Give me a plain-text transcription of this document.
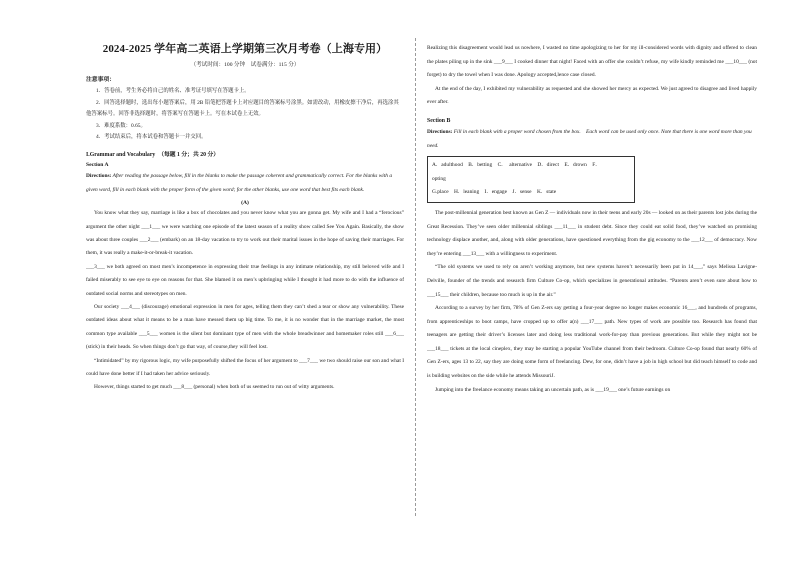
2024-2025 学年高二英语上学期第三次月考卷（上海专用）

（考试时间：100 分钟　试卷满分：115 分）

注意事项：

1．答卷前，考生务必将自己的姓名、准考证号填写在答题卡上。

2．回答选择题时，选出每小题答案后，用 2B 铅笔把答题卡上对应题目的答案标号涂黑。如需改动，用橡皮擦干净后，再选涂其他答案标号。回答非选择题时，将答案写在答题卡上。写在本试卷上无效。

3．难度系数：0.65。

4．考试结束后，将本试卷和答题卡一并交回。

I.Grammar and Vocabulary　（每题 1 分；共 20 分）

Section A

Directions: After reading the passage below, fill in the blanks to make the passage coherent and grammatically correct. For the blanks with a given word, fill in each blank with the proper form of the given word; for the other blanks, use one word that best fits each blank.

(A)

You know what they say, marriage is like a box of chocolates and you never know what you are gonna get. My wife and I had a “ferocious” argument the other night ___1___ we were watching one episode of the latest season of a reality show called See You Again. Basically, the show was about three couples ___2___ (embark) on an 18-day vacation to try to work out their marital issues in the hope of saving their marriages. For them, it was really a make-it-or-break-it vacation.

___3___ we both agreed on most men’s incompetence in expressing their true feelings in any intimate relationship, my still beloved wife and I failed miserably to see eye to eye on reasons for that. She blamed it on men’s upbringing while I thought it had more to do with the influence of outdated social norms and stereotypes on men.

Our society ___4___ (discourage) emotional expression in men for ages, telling them they can’t shed a tear or show any vulnerability. These outdated ideas about what it means to be a man have messed them up big time. To me, it is no wonder that in the marriage market, the most common type available ___5___ women is the silent but dominant type of men with the whole breadwinner and homemaker roles still ___6___ (stick) in their heads. So when things don’t go that way, of course,they will feel lost.

“Intimidated” by my rigorous logic, my wife purposefully shifted the focus of her argument to ___7___ we two should raise our son and what I could have done better if I had taken her advice seriously.

However, things started to get much ___8___ (personal) when both of us seemed to run out of witty arguments.

Realizing this disagreement would lead us nowhere, I wasted no time apologizing to her for my ill-considered words with dignity and offered to clean the plates piling up in the sink ___9___ I cooked dinner that night! Faced with an offer she couldn’t refuse, my wife kindly reminded me ___10___ (not forget) to dry the towel when I was done. Apology accepted,lence case closed.

At the end of the day, I exhibited my vulnerability as requested and she showed her mercy as expected. We just agreed to disagree and lived happily ever after.

Section B

Directions: Fill in each blank with a proper word chosen from the box.　Each word can be used only once. Note that there is one word more than you need.

A．adulthood　B．betting　C．　alternative　D．direct　E．drown　F．

opting

G.place　H．leaning　I．engage　J．sense　K．state

The post-millennial generation best known as Gen Z — individuals now in their teens and early 20s — looked on as their parents lost jobs during the Great Recession. They’ve seen older millennial siblings ___11___ in student debt. Since they could eat solid food, they’ve watched on promising technology displace another, and, along with older generations, have questioned everything from the gig economy to the ___12___ of democracy. Now they’re entering ___13___ with a willingness to experiment.

“The old systems we used to rely on aren’t working anymore, but new systems haven’t necessarily been put in 14___,” says Melissa Lavigne-Delville, founder of the trends and research firm Culture Co-op, which specializes in generational attitudes. “Parents aren’t even sure about how to ___15___ their children, because too much is up in the air.”

According to a survey by her firm, 78% of Gen Z-ers say getting a four-year degree no longer makes economic 16___, and hundreds of programs, from apprenticeships to boot camps, have cropped up to offer a(n) ___17___ path. New types of work are possible too. Research has found that teenagers are getting their driver’s licenses later and doing less traditional work-for-pay than previous generations. But while they might not be ___18___ tickets at the local cineplex, they may be starting a popular YouTube channel from their bedroom. Culture Co-op found that nearly 60% of Gen Z-ers, ages 13 to 22, say they are doing some form of freelancing. Dew, for one, didn’t have a job in high school but did teach himself to code and is building websites on the side while he attends MissouriJ.

Jumping into the freelance economy means taking an uncertain path, as is ___19___ one’s future earnings on
